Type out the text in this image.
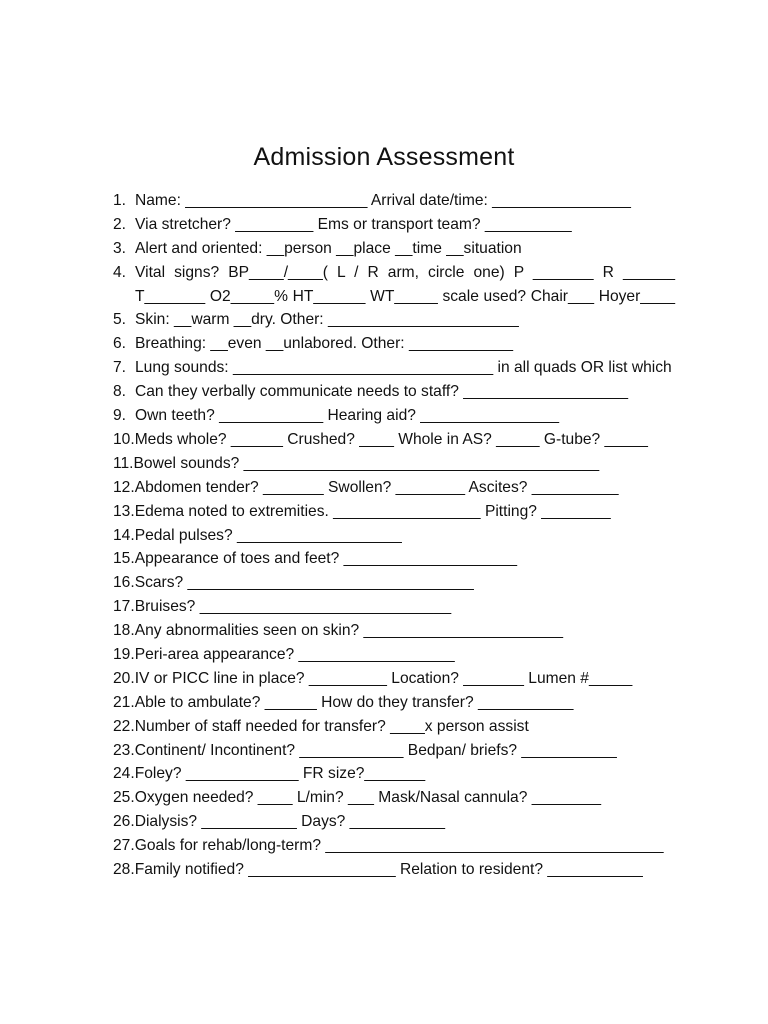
Admission Assessment
1. Name: _____________________ Arrival date/time: ________________
2. Via stretcher? _________ Ems or transport team? __________
3. Alert and oriented: __person __place __time __situation
4. Vital signs? BP____/____( L / R arm, circle one) P _______ R ______
T_______ O2_____% HT______ WT_____ scale used? Chair___ Hoyer____
5. Skin: __warm __dry. Other: ______________________
6. Breathing: __even __unlabored. Other: ____________
7. Lung sounds: ______________________________ in all quads OR list which
8. Can they verbally communicate needs to staff? ___________________
9. Own teeth? ____________ Hearing aid? ________________
10. Meds whole? ______ Crushed? ____ Whole in AS? _____ G-tube? _____
11. Bowel sounds? _________________________________________
12. Abdomen tender? _______ Swollen? ________ Ascites? __________
13. Edema noted to extremities. _________________ Pitting? ________
14. Pedal pulses? ___________________
15. Appearance of toes and feet? ____________________
16. Scars? _________________________________
17. Bruises? _____________________________
18. Any abnormalities seen on skin? _______________________
19. Peri-area appearance? __________________
20. IV or PICC line in place? _________ Location? _______ Lumen #_____
21. Able to ambulate? ______ How do they transfer? ___________
22. Number of staff needed for transfer? ____x person assist
23. Continent/ Incontinent? ____________ Bedpan/ briefs? ___________
24. Foley? _____________ FR size?_______
25. Oxygen needed? ____ L/min? ___ Mask/Nasal cannula? ________
26. Dialysis? ___________ Days? ___________
27. Goals for rehab/long-term? _______________________________________
28. Family notified? _________________ Relation to resident? ___________
